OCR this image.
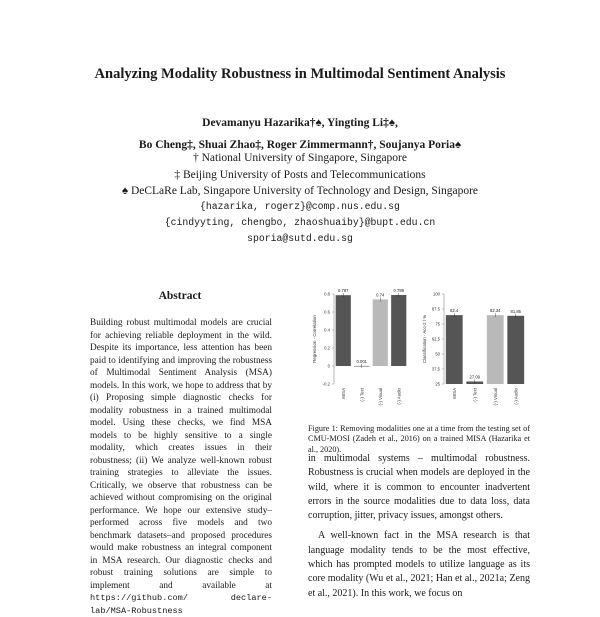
Analyzing Modality Robustness in Multimodal Sentiment Analysis
Devamanyu Hazarika†♠, Yingting Li‡♠,
Bo Cheng‡, Shuai Zhao‡, Roger Zimmermann†, Soujanya Poria♠
† National University of Singapore, Singapore
‡ Beijing University of Posts and Telecommunications
♠ DeCLaRe Lab, Singapore University of Technology and Design, Singapore
{hazarika, rogerz}@comp.nus.edu.sg
{cindyyting, chengbo, zhaoshuaiby}@bupt.edu.cn
sporia@sutd.edu.sg
Abstract
Building robust multimodal models are crucial for achieving reliable deployment in the wild. Despite its importance, less attention has been paid to identifying and improving the robustness of Multimodal Sentiment Analysis (MSA) models. In this work, we hope to address that by (i) Proposing simple diagnostic checks for modality robustness in a trained multimodal model. Using these checks, we find MSA models to be highly sensitive to a single modality, which creates issues in their robustness; (ii) We analyze well-known robust training strategies to alleviate the issues. Critically, we observe that robustness can be achieved without compromising on the original performance. We hope our extensive study–performed across five models and two benchmark datasets–and proposed procedures would make robustness an integral component in MSA research. Our diagnostic checks and robust training solutions are simple to implement and available at https://github.com/	declare-lab/MSA-Robustness
0.8
0.6
0.4
0.2
0
-0.2
Regression - Correlation
0.787
MISA
0.001
(-) Text
0.74
(-) Visual
0.789
(-) Audio
100
87.5
75
62.5
50
37.5
25
Classification - Acc-2 / %
82.4
MISA
27.09
(-) Text
82.34
(-) Visual
81.85
(-) Audio
Figure 1: Removing modalities one at a time from the testing set of CMU-MOSI (Zadeh et al., 2016) on a trained MISA (Hazarika et al., 2020).

in multimodal systems – multimodal robustness. Robustness is crucial when models are deployed in the wild, where it is common to encounter inadvertent errors in the source modalities due to data loss, data corruption, jitter, privacy issues, amongst others.

A well-known fact in the MSA research is that language modality tends to be the most effective, which has prompted models to utilize language as its core modality (Wu et al., 2021; Han et al., 2021a; Zeng et al., 2021). In this work, we focus on
